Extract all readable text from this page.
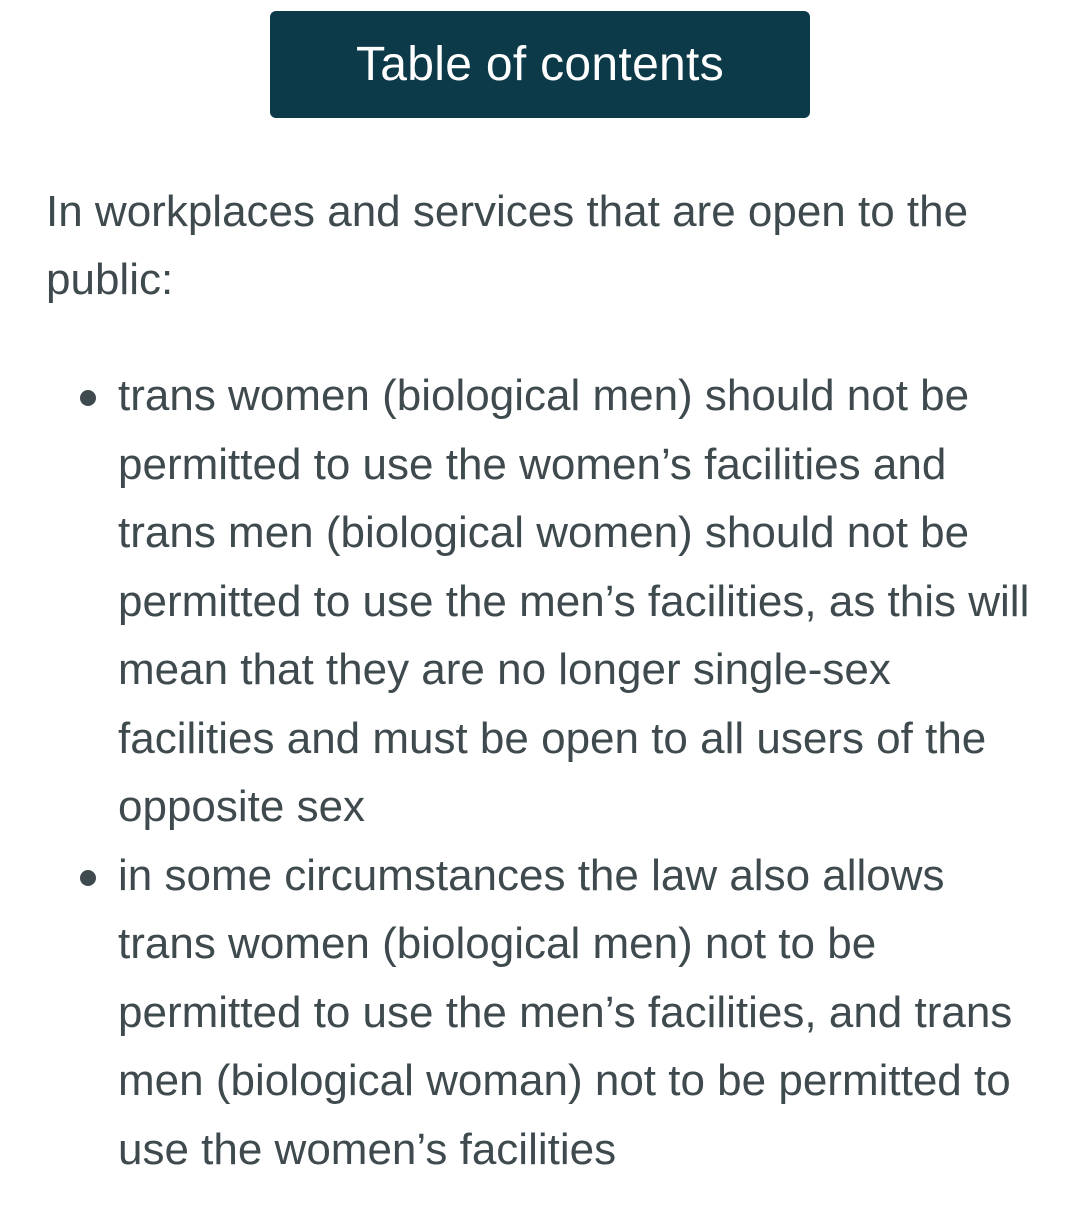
Table of contents

In workplaces and services that are open to the public:

trans women (biological men) should not be permitted to use the women’s facilities and trans men (biological women) should not be permitted to use the men’s facilities, as this will mean that they are no longer single-sex facilities and must be open to all users of the opposite sex
in some circumstances the law also allows trans women (biological men) not to be permitted to use the men’s facilities, and trans men (biological woman) not to be permitted to use the women’s facilities
